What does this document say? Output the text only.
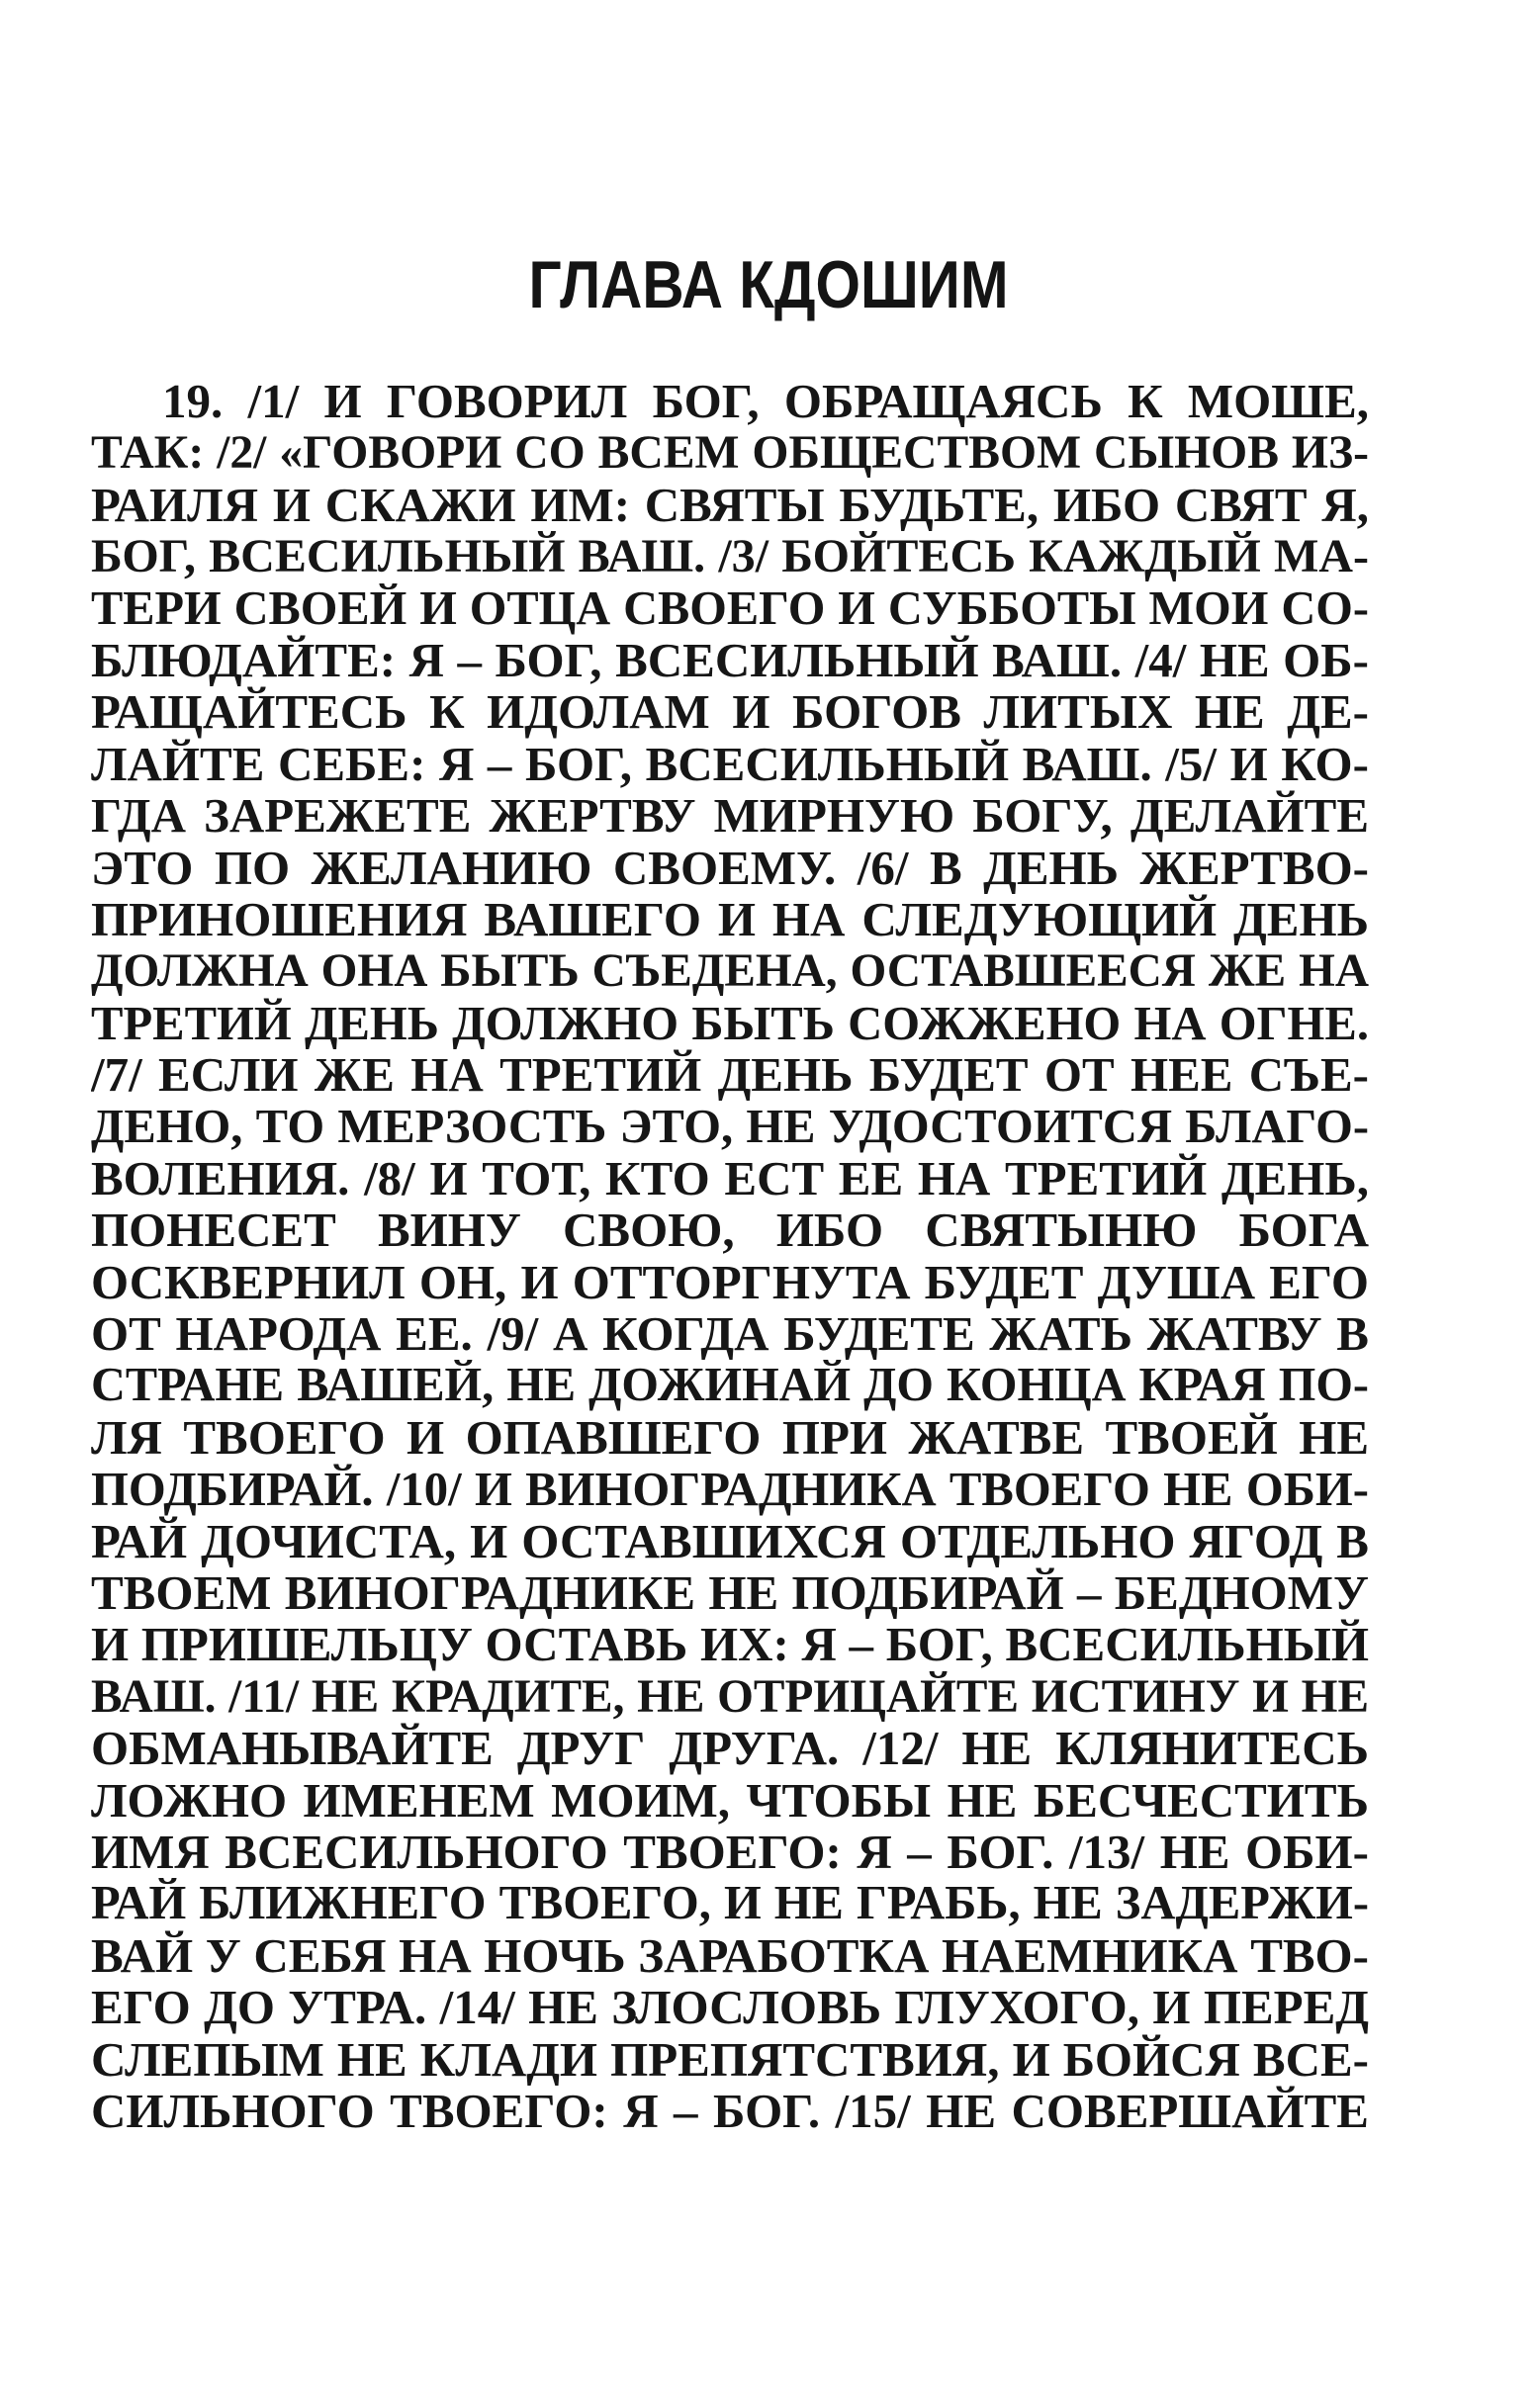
ГЛАВА КДОШИМ
19. /1/ И ГОВОРИЛ БОГ, ОБРАЩАЯСЬ К МОШЕ,
ТАК: /2/ «ГОВОРИ СО ВСЕМ ОБЩЕСТВОМ СЫНОВ ИЗ-
РАИЛЯ И СКАЖИ ИМ: СВЯТЫ БУДЬТЕ, ИБО СВЯТ Я,
БОГ, ВСЕСИЛЬНЫЙ ВАШ. /3/ БОЙТЕСЬ КАЖДЫЙ МА-
ТЕРИ СВОЕЙ И ОТЦА СВОЕГО И СУББОТЫ МОИ СО-
БЛЮДАЙТЕ: Я – БОГ, ВСЕСИЛЬНЫЙ ВАШ. /4/ НЕ ОБ-
РАЩАЙТЕСЬ К ИДОЛАМ И БОГОВ ЛИТЫХ НЕ ДЕ-
ЛАЙТЕ СЕБЕ: Я – БОГ, ВСЕСИЛЬНЫЙ ВАШ. /5/ И КО-
ГДА ЗАРЕЖЕТЕ ЖЕРТВУ МИРНУЮ БОГУ, ДЕЛАЙТЕ
ЭТО ПО ЖЕЛАНИЮ СВОЕМУ. /6/ В ДЕНЬ ЖЕРТВО-
ПРИНОШЕНИЯ ВАШЕГО И НА СЛЕДУЮЩИЙ ДЕНЬ
ДОЛЖНА ОНА БЫТЬ СЪЕДЕНА, ОСТАВШЕЕСЯ ЖЕ НА
ТРЕТИЙ ДЕНЬ ДОЛЖНО БЫТЬ СОЖЖЕНО НА ОГНЕ.
/7/ ЕСЛИ ЖЕ НА ТРЕТИЙ ДЕНЬ БУДЕТ ОТ НЕЕ СЪЕ-
ДЕНО, ТО МЕРЗОСТЬ ЭТО, НЕ УДОСТОИТСЯ БЛАГО-
ВОЛЕНИЯ. /8/ И ТОТ, КТО ЕСТ ЕЕ НА ТРЕТИЙ ДЕНЬ,
ПОНЕСЕТ ВИНУ СВОЮ, ИБО СВЯТЫНЮ БОГА
ОСКВЕРНИЛ ОН, И ОТТОРГНУТА БУДЕТ ДУША ЕГО
ОТ НАРОДА ЕЕ. /9/ А КОГДА БУДЕТЕ ЖАТЬ ЖАТВУ В
СТРАНЕ ВАШЕЙ, НЕ ДОЖИНАЙ ДО КОНЦА КРАЯ ПО-
ЛЯ ТВОЕГО И ОПАВШЕГО ПРИ ЖАТВЕ ТВОЕЙ НЕ
ПОДБИРАЙ. /10/ И ВИНОГРАДНИКА ТВОЕГО НЕ ОБИ-
РАЙ ДОЧИСТА, И ОСТАВШИХСЯ ОТДЕЛЬНО ЯГОД В
ТВОЕМ ВИНОГРАДНИКЕ НЕ ПОДБИРАЙ – БЕДНОМУ
И ПРИШЕЛЬЦУ ОСТАВЬ ИХ: Я – БОГ, ВСЕСИЛЬНЫЙ
ВАШ. /11/ НЕ КРАДИТЕ, НЕ ОТРИЦАЙТЕ ИСТИНУ И НЕ
ОБМАНЫВАЙТЕ ДРУГ ДРУГА. /12/ НЕ КЛЯНИТЕСЬ
ЛОЖНО ИМЕНЕМ МОИМ, ЧТОБЫ НЕ БЕСЧЕСТИТЬ
ИМЯ ВСЕСИЛЬНОГО ТВОЕГО: Я – БОГ. /13/ НЕ ОБИ-
РАЙ БЛИЖНЕГО ТВОЕГО, И НЕ ГРАБЬ, НЕ ЗАДЕРЖИ-
ВАЙ У СЕБЯ НА НОЧЬ ЗАРАБОТКА НАЕМНИКА ТВО-
ЕГО ДО УТРА. /14/ НЕ ЗЛОСЛОВЬ ГЛУХОГО, И ПЕРЕД
СЛЕПЫМ НЕ КЛАДИ ПРЕПЯТСТВИЯ, И БОЙСЯ ВСЕ-
СИЛЬНОГО ТВОЕГО: Я – БОГ. /15/ НЕ СОВЕРШАЙТЕ
